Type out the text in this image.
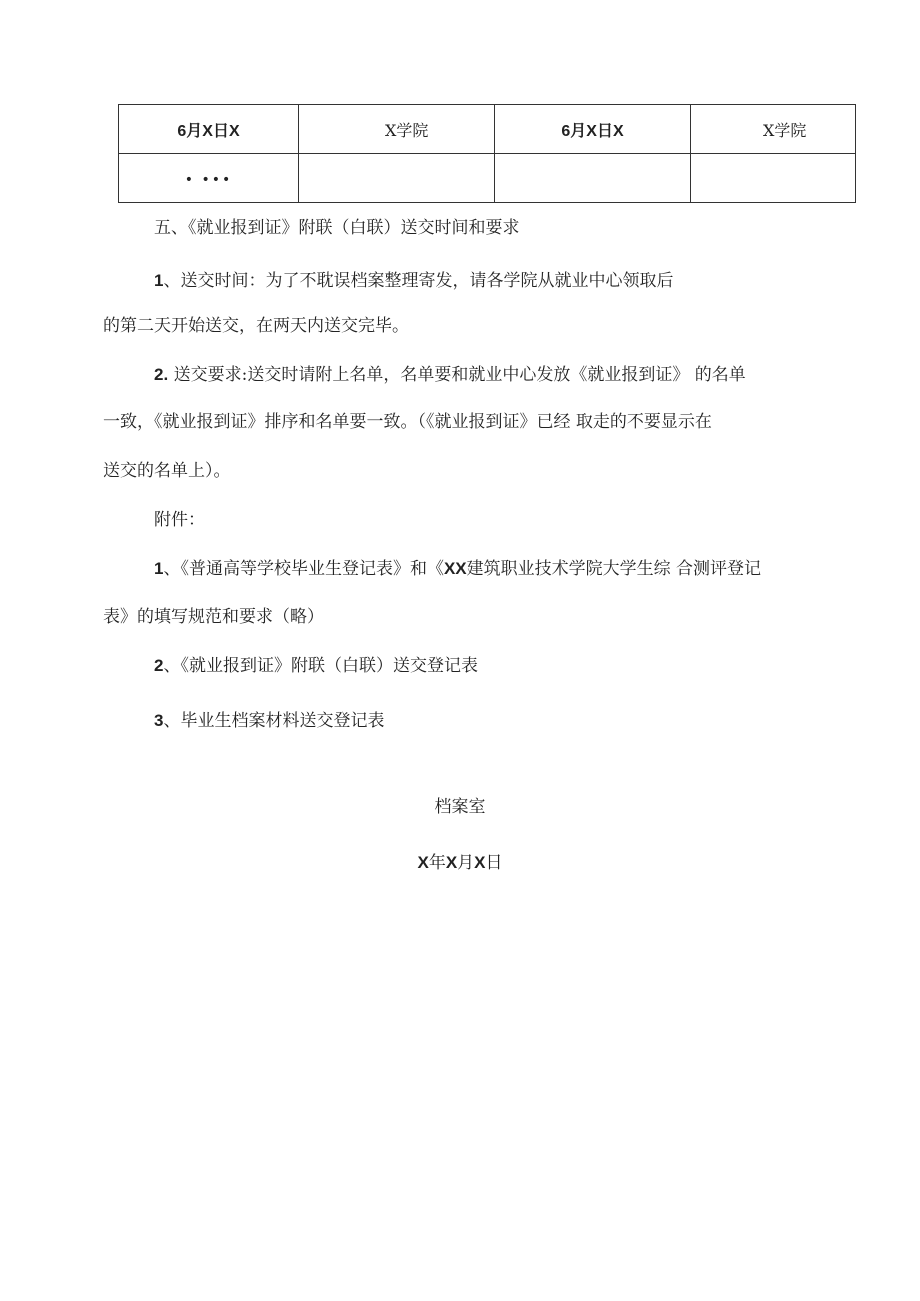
6月X日X	X学院	6月X日X	X学院
• •••			

五、《就业报到证》附联（白联）送交时间和要求

1、送交时间：为了不耽误档案整理寄发，请各学院从就业中心领取后

的第二天开始送交，在两天内送交完毕。

2. 送交要求:送交时请附上名单，名单要和就业中心发放《就业报到证》 的名单

一致，《就业报到证》排序和名单要一致。（《就业报到证》已经 取走的不要显示在

送交的名单上）。

附件：

1、《普通高等学校毕业生登记表》和《XX建筑职业技术学院大学生综 合测评登记

表》的填写规范和要求（略）

2、《就业报到证》附联（白联）送交登记表

3、毕业生档案材料送交登记表

档案室

X年X月X日
